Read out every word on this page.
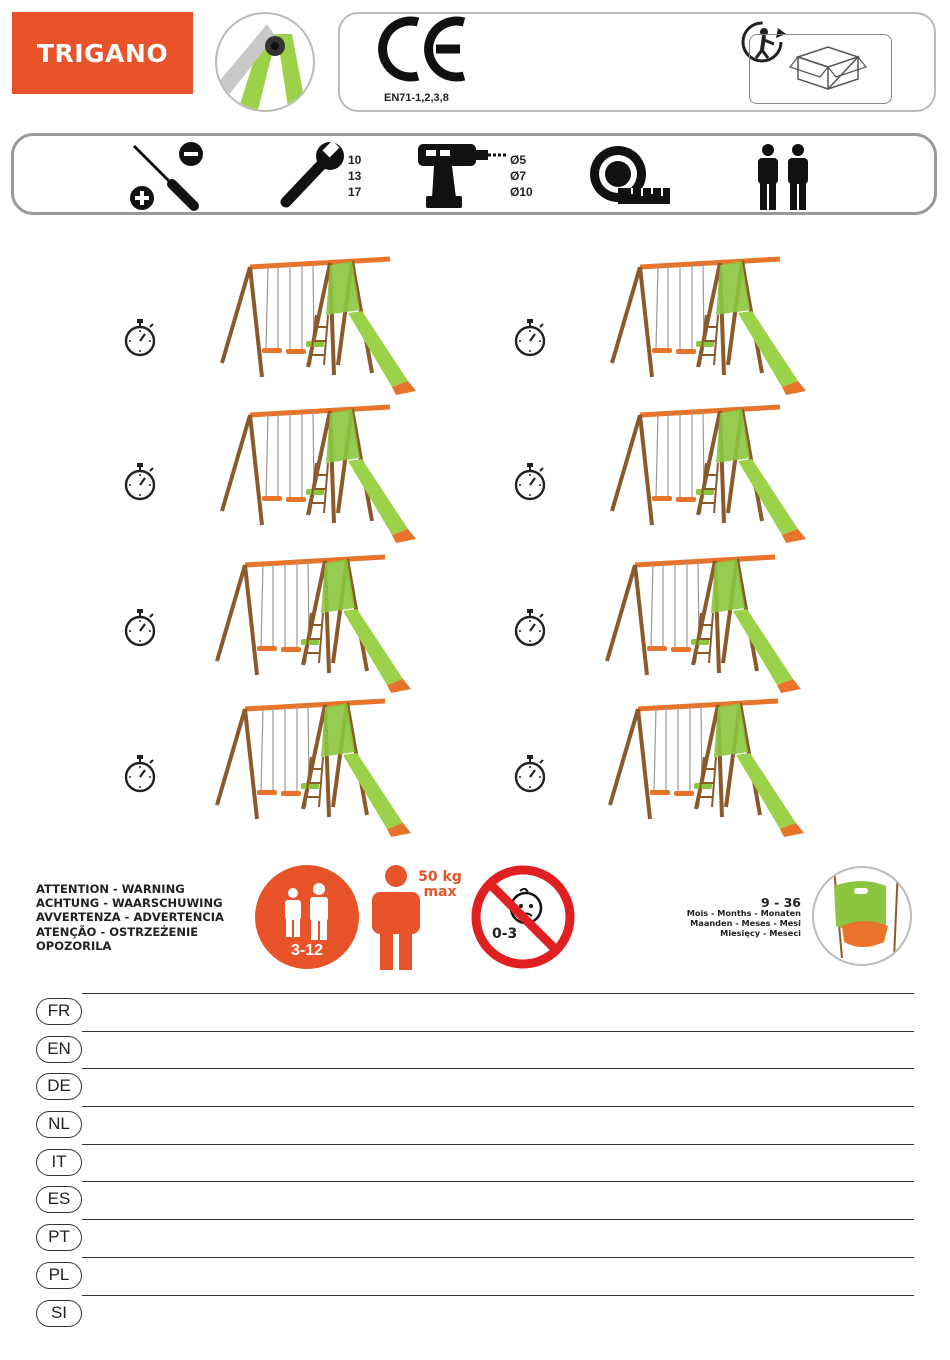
TRIGANO
EN71-1,2,3,8
10
13
17
Ø5
Ø7
Ø10
ATTENTION - WARNING
ACHTUNG - WAARSCHUWING
AVVERTENZA - ADVERTENCIA
ATENÇÃO - OSTRZEŻENIE
OPOZORILA	3-12
50 kg
max
0-3
9 - 36
Mois - Months - Monaten
Maanden - Meses - Mesi
Miesięcy - Meseci
FR
EN
DE
NL
IT
ES
PT
PL
SI
